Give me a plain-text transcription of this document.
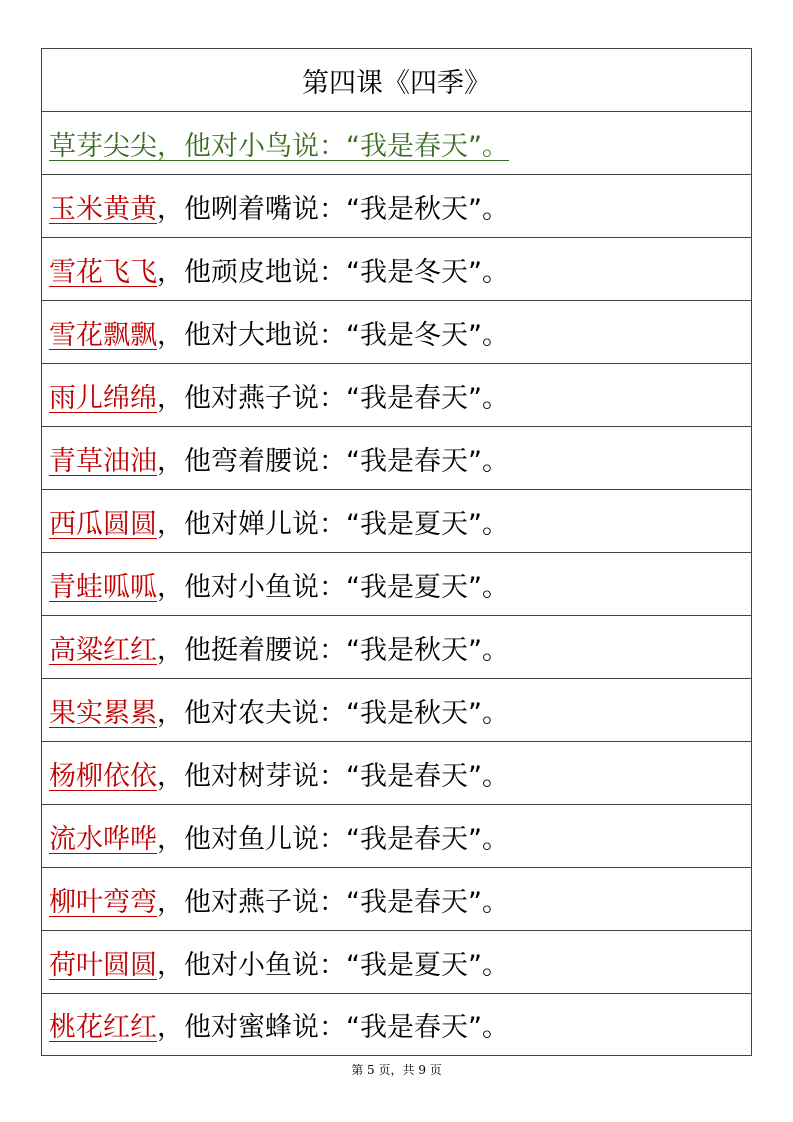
第四课《四季》
草芽尖尖 ，他对小鸟说：“我是春天”。
玉米黄黄 ，他咧着嘴说：“我是秋天”。
雪花飞飞 ，他顽皮地说：“我是冬天”。
雪花飘飘 ，他对大地说：“我是冬天”。
雨儿绵绵 ，他对燕子说：“我是春天”。
青草油油 ，他弯着腰说：“我是春天”。
西瓜圆圆 ，他对婵儿说：“我是夏天”。
青蛙呱呱 ，他对小鱼说：“我是夏天”。
高粱红红 ，他挺着腰说：“我是秋天”。
果实累累 ，他对农夫说：“我是秋天”。
杨柳依依 ，他对树芽说：“我是春天”。
流水哗哗 ，他对鱼儿说：“我是春天”。
柳叶弯弯 ，他对燕子说：“我是春天”。
荷叶圆圆 ，他对小鱼说：“我是夏天”。
桃花红红 ，他对蜜蜂说：“我是春天”。
第 5 页，共 9 页
